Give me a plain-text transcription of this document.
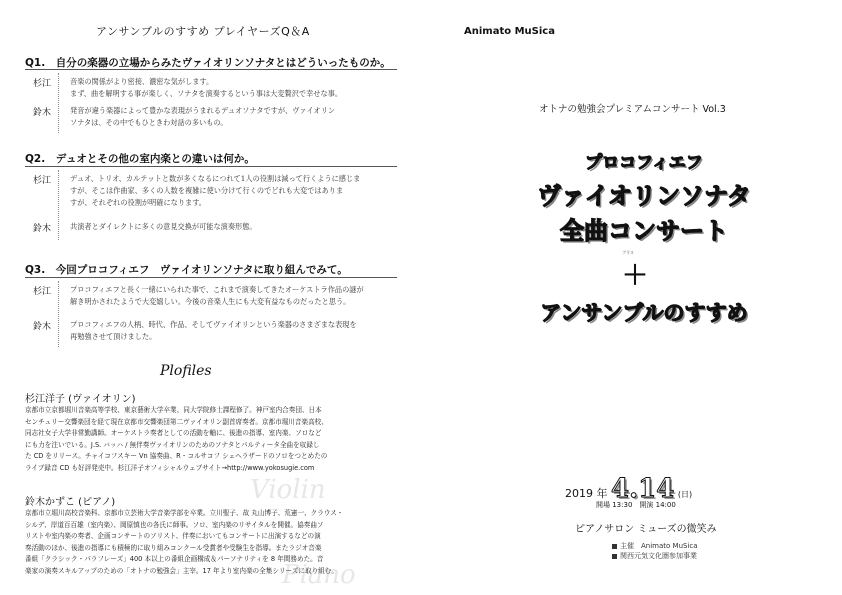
アンサンブルのすすめ プレイヤーズQ＆A
Q1.　自分の楽器の立場からみたヴァイオリンソナタとはどういったものか。
杉江	音楽の関係がより密接、濃密な気がします。
まず、曲を解明する事が楽しく、ソナタを演奏するという事は大変贅沢で幸せな事。
鈴木	発音が違う楽器によって豊かな表現がうまれるデュオソナタですが、ヴァイオリン
ソナタは、その中でもひときわ対話の多いもの。
Q2.　デュオとその他の室内楽との違いは何か。
杉江	デュオ、トリオ、カルテットと数が多くなるにつれて1人の役割は減って行くように感じま
すが、そこは作曲家、多くの人数を複雑に使い分けて行くのでどれも大変ではありま
すが、それぞれの役割が明確になります。
鈴木	共演者とダイレクトに多くの意見交換が可能な演奏形態。
Q3.　今回プロコフィエフ　ヴァイオリンソナタに取り組んでみて。
杉江	プロコフィエフと長く一緒にいられた事で、これまで演奏してきたオーケストラ作品の謎が
解き明かされたようで大変嬉しい。今後の音楽人生にも大変有益なものだったと思う。
鈴木	プロコフィエフの人柄、時代、作品、そしてヴァイオリンという楽器のさまざまな表現を
再勉強させて頂けました。
Plofiles
Violin
Piano
杉江洋子 (ヴァイオリン)
京都市立京都堀川音楽高等学校、東京藝術大学卒業、同大学院修士課程修了。神戸室内合奏団、日本
センチュリー交響楽団を経て現在京都市交響楽団第二ヴァイオリン副首席奏者。京都市堀川音楽高校、
同志社女子大学非常勤講師。オーケストラ奏者としての活動を軸に、後進の指導、室内楽、ソロなど
にも力を注いでいる。J.S. バッハ / 無伴奏ヴァイオリンのためのソナタとパルティータ全曲を収録し
た CD をリリース。チャイコフスキー Vn 協奏曲、R・コルサコフ シェヘラザードのソロをつとめたの
ライブ録音 CD も好評発売中。杉江洋子オフィシャルウェブサイト→http://www.yokosugie.com
鈴木かずこ (ピアノ)
京都市立堀川高校音楽科、京都市立芸術大学音楽学部を卒業。立川聖子、故 丸山博子、荒憲一、クラウス・
シルデ、岸道百百雄（室内楽）、岡原慎也の各氏に師事。ソロ、室内楽のリサイタルを開催。協奏曲ソ
リストや室内楽の奏者、企画コンサートのソリスト、伴奏においてもコンサートに出演するなどの演
奏活動のほか、後進の指導にも積極的に取り組みコンクール受賞者や受験生を指導。またラジオ音楽
番組「クラシック・パラフレーズ」400 本以上の番組企画構成＆パーソナリティを 8 年間務めた。音
楽家の演奏スキルアップのための「オトナの勉強会」主宰。17 年より室内楽の全集シリーズに取り組む。
Animato MuSica
オトナの勉強会プレミアムコンサート Vol.3
プロコフィエフ
ヴァイオリンソナタ
全曲コンサート
プラス
＋
アンサンブルのすすめ
2019 年 4.14 (日)
開場 13:30　開演 14:00
ピアノサロン ミューズの微笑み
主催　Animato MuSica
関西元気文化圏参加事業
